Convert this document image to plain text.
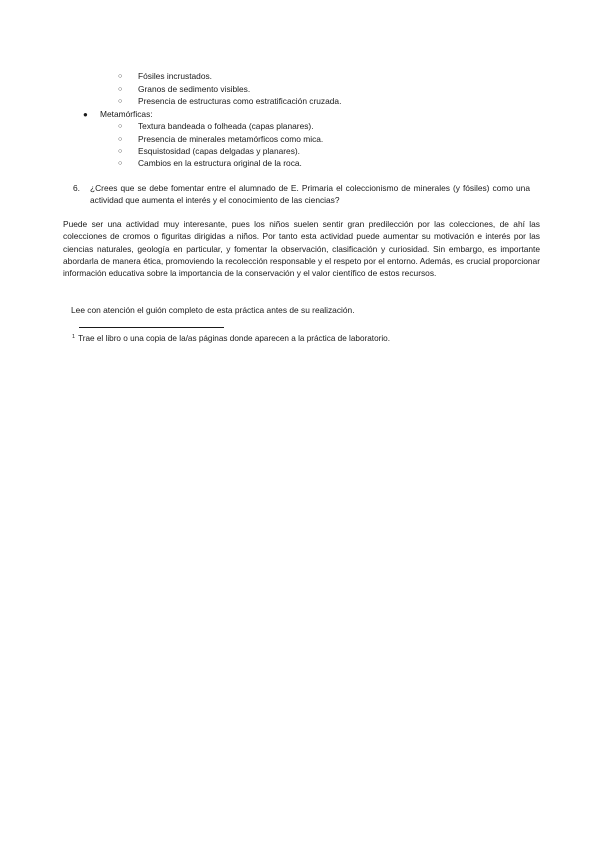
○ Fósiles incrustados.
○ Granos de sedimento visibles.
○ Presencia de estructuras como estratificación cruzada.
● Metamórficas:
○ Textura bandeada o folheada (capas planares).
○ Presencia de minerales metamórficos como mica.
○ Esquistosidad (capas delgadas y planares).
○ Cambios en la estructura original de la roca.
6. ¿Crees que se debe fomentar entre el alumnado de E. Primaria el coleccionismo de minerales (y fósiles) como una actividad que aumenta el interés y el conocimiento de las ciencias?
Puede ser una actividad muy interesante, pues los niños suelen sentir gran predilección por las colecciones, de ahí las colecciones de cromos o figuritas dirigidas a niños. Por tanto esta actividad puede aumentar su motivación e interés por las ciencias naturales, geología en particular, y fomentar la observación, clasificación y curiosidad. Sin embargo, es importante abordarla de manera ética, promoviendo la recolección responsable y el respeto por el entorno. Además, es crucial proporcionar información educativa sobre la importancia de la conservación y el valor científico de estos recursos.
Lee con atención el guión completo de esta práctica antes de su realización.
$^1$ Trae el libro o una copia de la/as páginas donde aparecen a la práctica de laboratorio.
